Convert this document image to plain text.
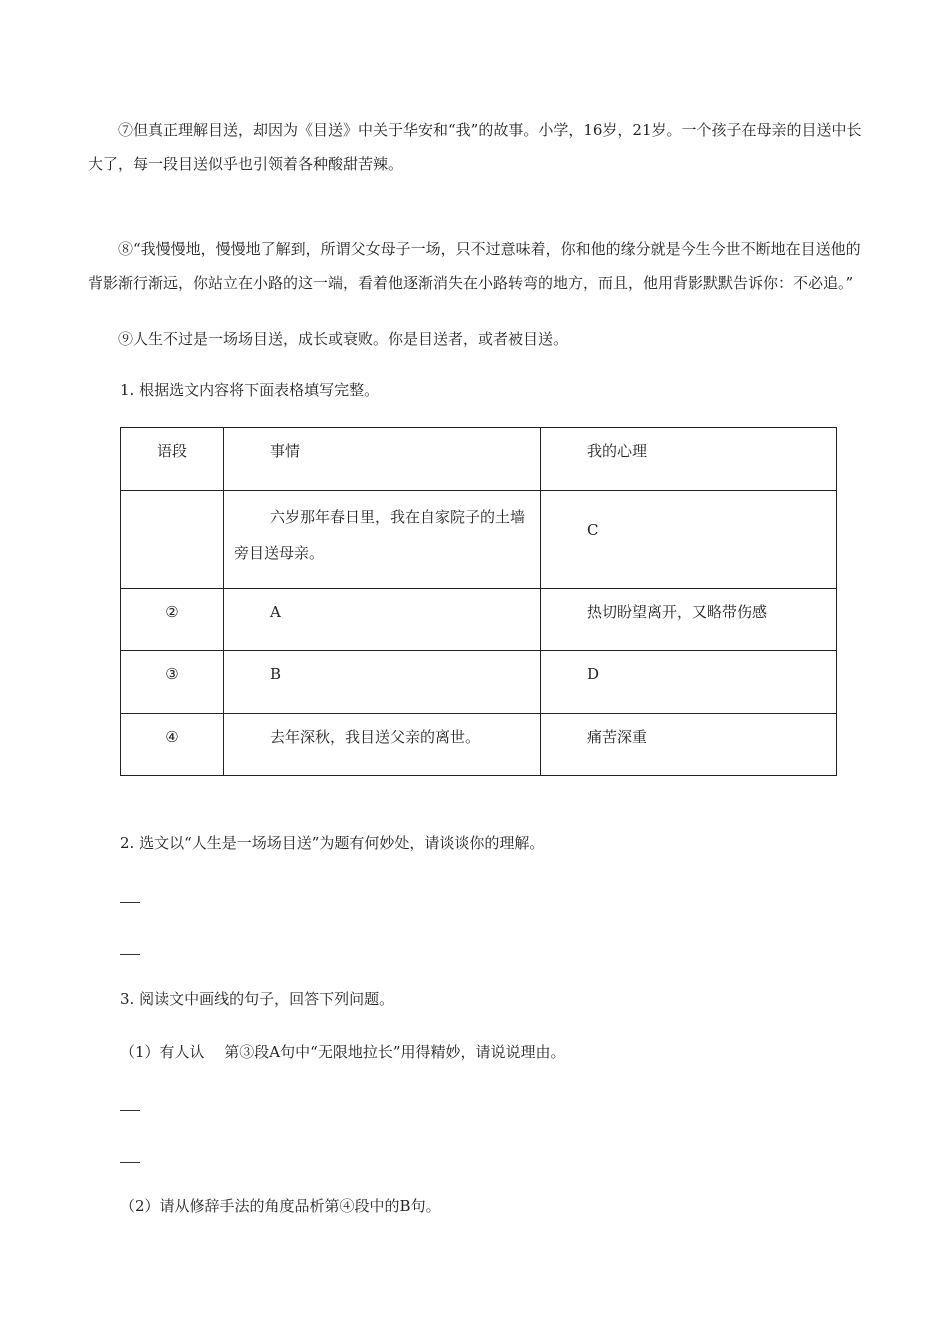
⑦但真正理解目送，却因为《目送》中关于华安和“我”的故事。小学，16岁，21岁。一个孩子在母亲的目送中长大了，每一段目送似乎也引领着各种酸甜苦辣。

⑧“我慢慢地，慢慢地了解到，所谓父女母子一场，只不过意味着，你和他的缘分就是今生今世不断地在目送他的背影渐行渐远，你站立在小路的这一端，看着他逐渐消失在小路转弯的地方，而且，他用背影默默告诉你：不必追。”

⑨人生不过是一场场目送，成长或衰败。你是目送者，或者被目送。

1. 根据选文内容将下面表格填写完整。

语段	事情	我的心理

	六岁那年春日里，我在自家院子的土墙旁目送母亲。	C

②	A	热切盼望离开，又略带伤感

③	B	D

④	去年深秋，我目送父亲的离世。	痛苦深重

2. 选文以“人生是一场场目送”为题有何妙处，请谈谈你的理解。

3. 阅读文中画线的句子，回答下列问题。

（1）有人认　 第③段A句中“无限地拉长”用得精妙，请说说理由。

（2）请从修辞手法的角度品析第④段中的B句。
